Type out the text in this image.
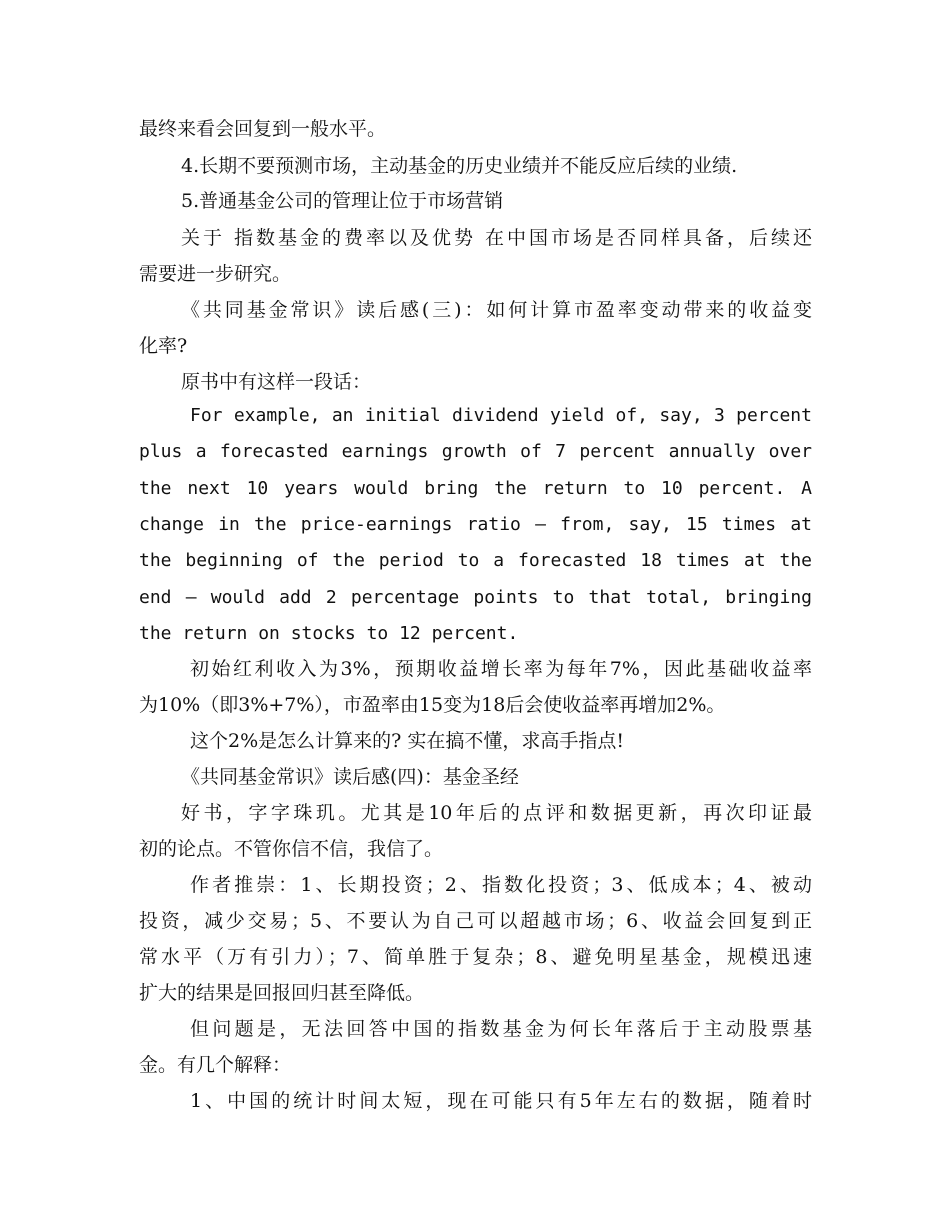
最终来看会回复到一般水平。
4.长期不要预测市场，主动基金的历史业绩并不能反应后续的业绩.
5.普通基金公司的管理让位于市场营销
关于 指数基金的费率以及优势 在中国市场是否同样具备，后续还
需要进一步研究。
《共同基金常识》读后感(三)：如何计算市盈率变动带来的收益变
化率?
原书中有这样一段话：
For example, an initial dividend yield of, say, 3 percent
plus a forecasted earnings growth of 7 percent annually over
the next 10 years would bring the return to 10 percent. A
change in the price‑earnings ratio — from, say, 15 times at
the beginning of the period to a forecasted 18 times at the
end — would add 2 percentage points to that total, bringing
the return on stocks to 12 percent.
初始红利收入为3%，预期收益增长率为每年7%，因此基础收益率
为10%（即3%+7%），市盈率由15变为18后会使收益率再增加2%。
这个2%是怎么计算来的? 实在搞不懂，求高手指点!
《共同基金常识》读后感(四)：基金圣经
好书，字字珠玑。尤其是10年后的点评和数据更新，再次印证最
初的论点。不管你信不信，我信了。
作者推崇：1、长期投资；2、指数化投资；3、低成本；4、被动
投资，减少交易；5、不要认为自己可以超越市场；6、收益会回复到正
常水平（万有引力）；7、简单胜于复杂；8、避免明星基金，规模迅速
扩大的结果是回报回归甚至降低。
但问题是，无法回答中国的指数基金为何长年落后于主动股票基
金。有几个解释：
1、中国的统计时间太短，现在可能只有5年左右的数据，随着时
